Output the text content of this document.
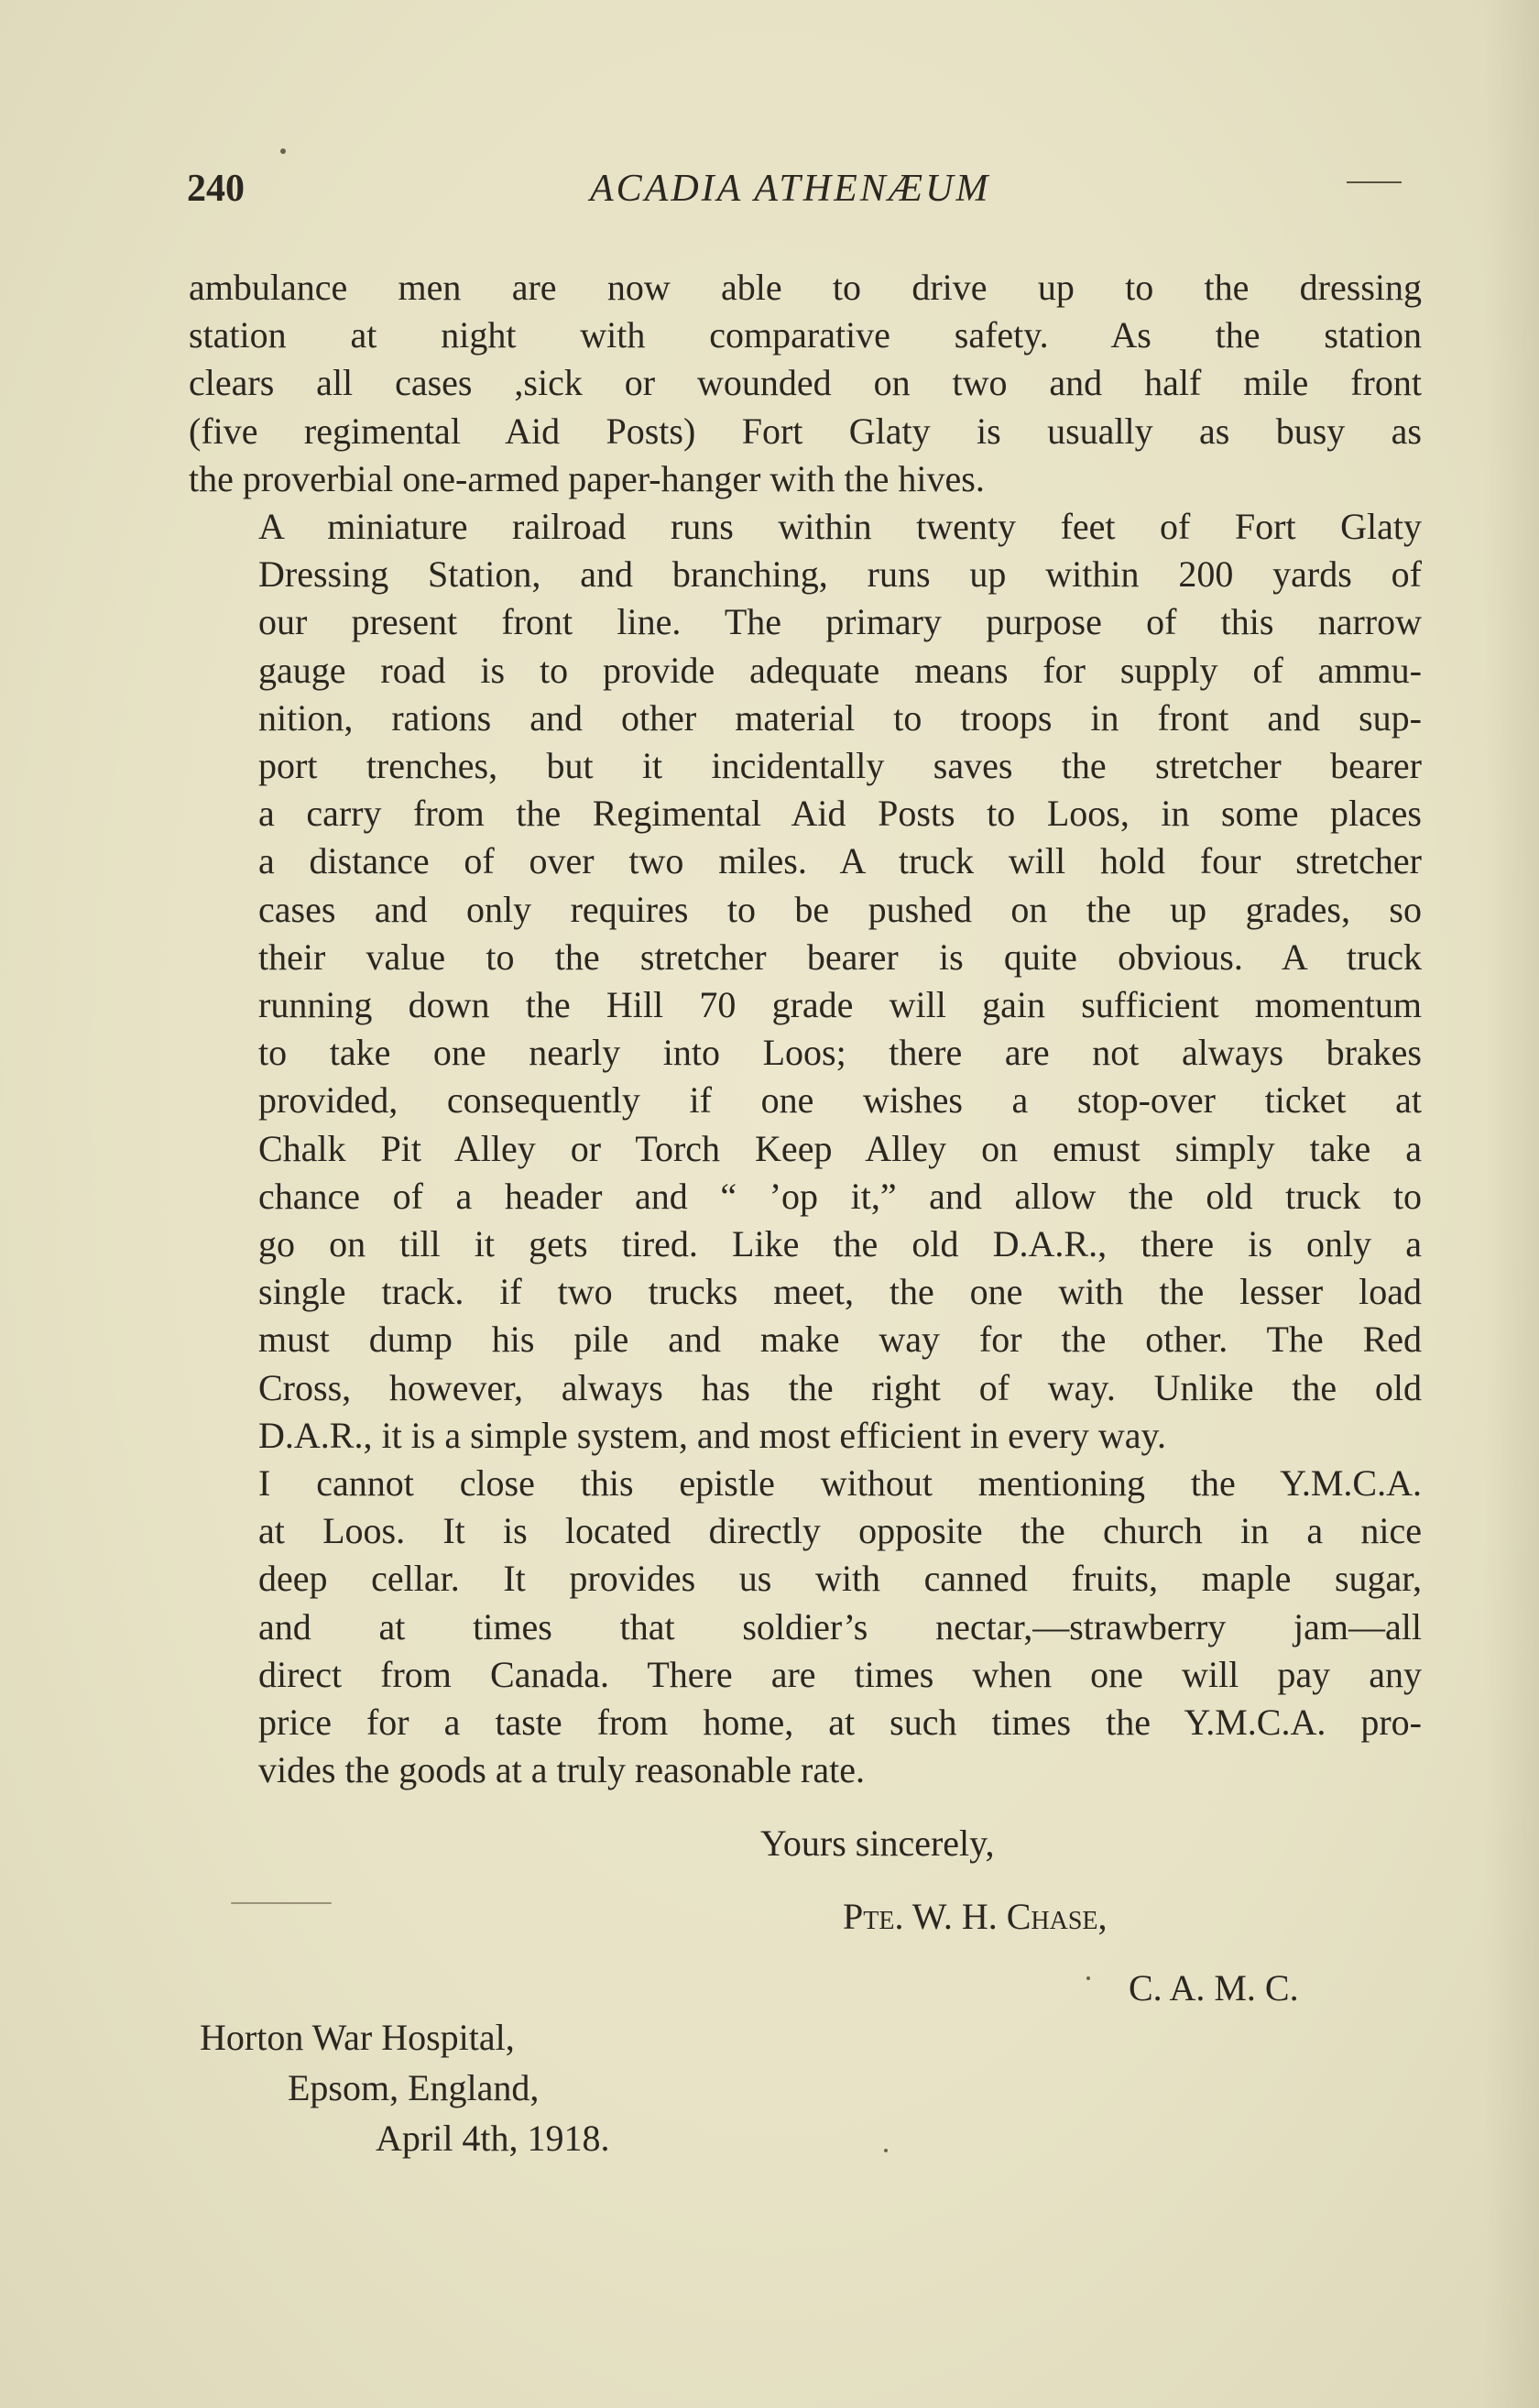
240	ACADIA ATHENÆUM

ambulance men are now able to drive up to the dressing
station at night with comparative safety. As the station
clears all cases ,sick or wounded on two and half mile front
(five regimental Aid Posts) Fort Glaty is usually as busy as
the proverbial one-armed paper-hanger with the hives.

A miniature railroad runs within twenty feet of Fort Glaty
Dressing Station, and branching, runs up within 200 yards of
our present front line. The primary purpose of this narrow
gauge road is to provide adequate means for supply of ammu-
nition, rations and other material to troops in front and sup-
port trenches, but it incidentally saves the stretcher bearer
a carry from the Regimental Aid Posts to Loos, in some places
a distance of over two miles. A truck will hold four stretcher
cases and only requires to be pushed on the up grades, so
their value to the stretcher bearer is quite obvious. A truck
running down the Hill 70 grade will gain sufficient momentum
to take one nearly into Loos; there are not always brakes
provided, consequently if one wishes a stop-over ticket at
Chalk Pit Alley or Torch Keep Alley on emust simply take a
chance of a header and “ ’op it,” and allow the old truck to
go on till it gets tired. Like the old D.A.R., there is only a
single track. if two trucks meet, the one with the lesser load
must dump his pile and make way for the other. The Red
Cross, however, always has the right of way. Unlike the old
D.A.R., it is a simple system, and most efficient in every way.

I cannot close this epistle without mentioning the Y.M.C.A.
at Loos. It is located directly opposite the church in a nice
deep cellar. It provides us with canned fruits, maple sugar,
and at times that soldier’s nectar,—strawberry jam—all
direct from Canada. There are times when one will pay any
price for a taste from home, at such times the Y.M.C.A. pro-
vides the goods at a truly reasonable rate.

Yours sincerely,
Pte. W. H. Chase,
C. A. M. C.
Horton War Hospital,
Epsom, England,
April 4th, 1918.
